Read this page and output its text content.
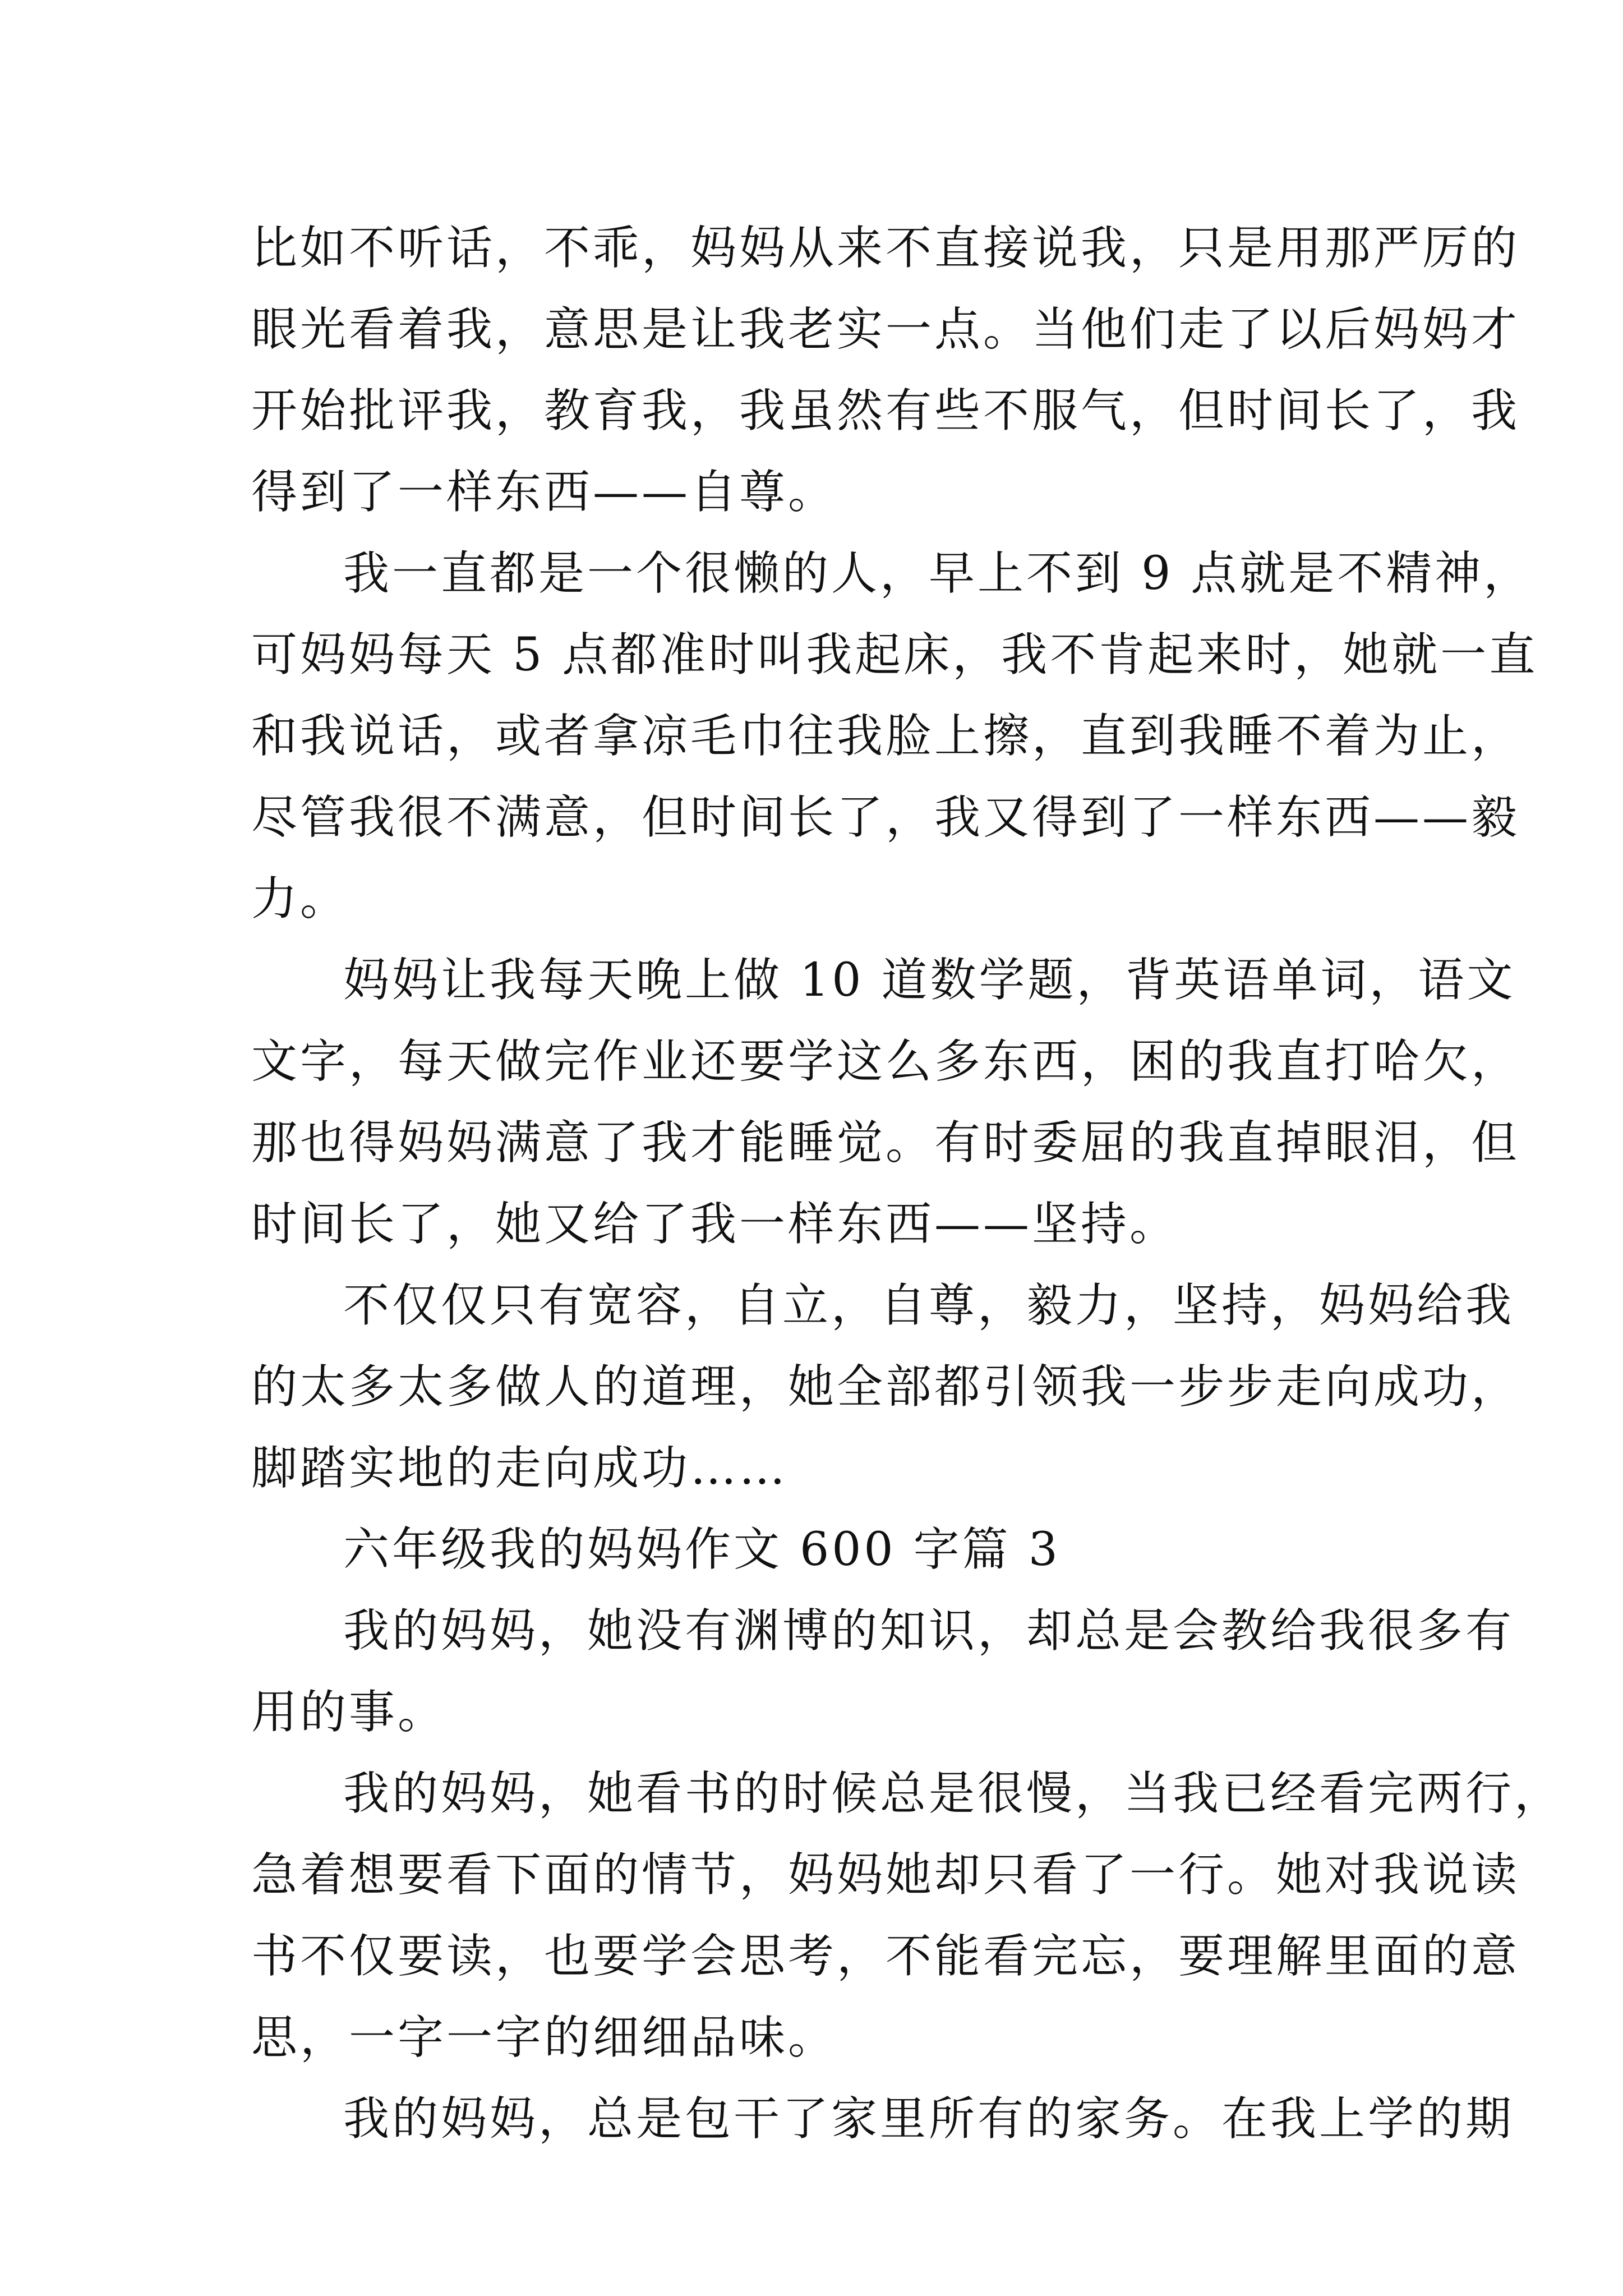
比如不听话，不乖，妈妈从来不直接说我，只是用那严厉的
眼光看着我，意思是让我老实一点。当他们走了以后妈妈才
开始批评我，教育我，我虽然有些不服气，但时间长了，我
得到了一样东西——自尊。
我一直都是一个很懒的人，早上不到 9 点就是不精神，
可妈妈每天 5 点都准时叫我起床，我不肯起来时，她就一直
和我说话，或者拿凉毛巾往我脸上擦，直到我睡不着为止，
尽管我很不满意，但时间长了，我又得到了一样东西——毅
力。
妈妈让我每天晚上做 10 道数学题，背英语单词，语文
文字，每天做完作业还要学这么多东西，困的我直打哈欠，
那也得妈妈满意了我才能睡觉。有时委屈的我直掉眼泪，但
时间长了，她又给了我一样东西——坚持。
不仅仅只有宽容，自立，自尊，毅力，坚持，妈妈给我
的太多太多做人的道理，她全部都引领我一步步走向成功，
脚踏实地的走向成功……
六年级我的妈妈作文 600 字篇 3
我的妈妈，她没有渊博的知识，却总是会教给我很多有
用的事。
我的妈妈，她看书的时候总是很慢，当我已经看完两行，
急着想要看下面的情节，妈妈她却只看了一行。她对我说读
书不仅要读，也要学会思考，不能看完忘，要理解里面的意
思，一字一字的细细品味。
我的妈妈，总是包干了家里所有的家务。在我上学的期
